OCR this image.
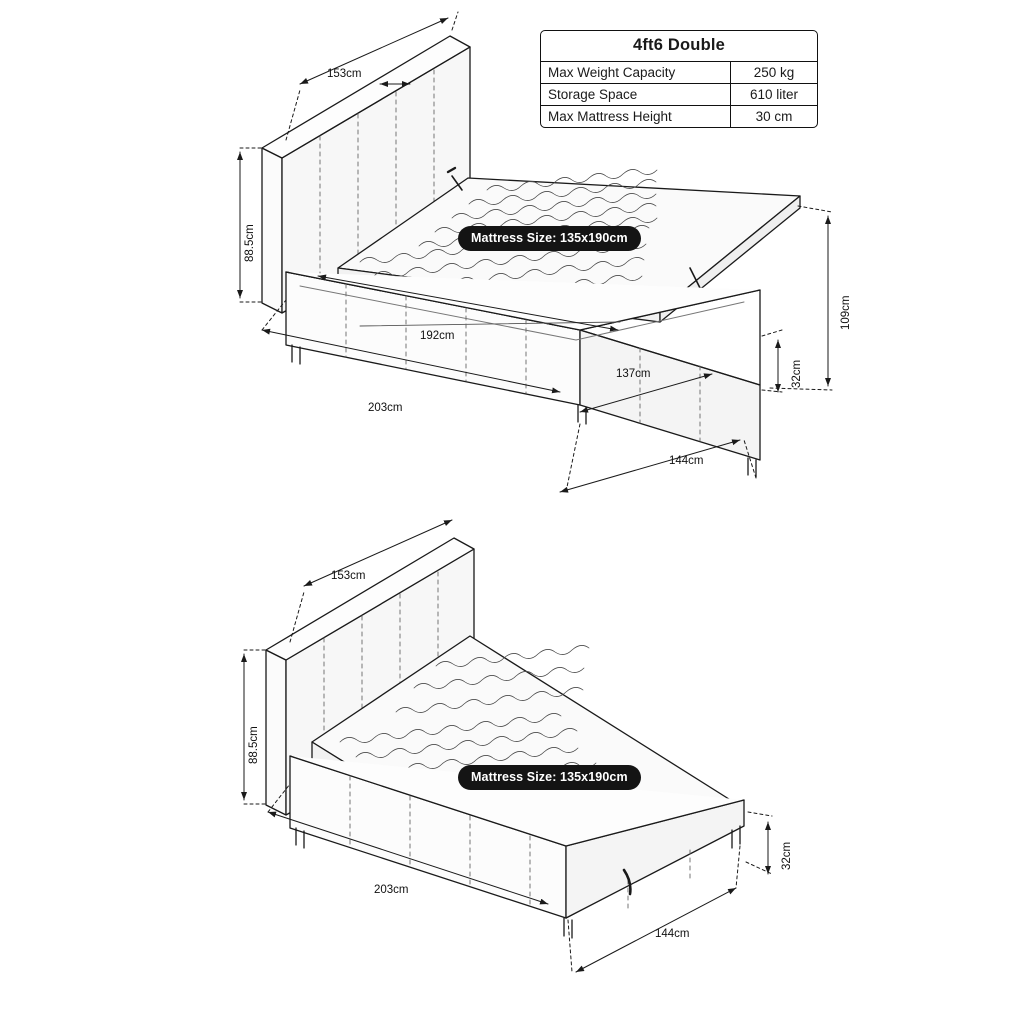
4ft6 Double
Max Weight Capacity	250 kg
Storage Space	610 liter
Max Mattress Height	30 cm
Mattress Size: 135x190cm
Mattress Size: 135x190cm
153cm
88.5cm
192cm
203cm
137cm
144cm
32cm
109cm
153cm
88.5cm
203cm
144cm
32cm
